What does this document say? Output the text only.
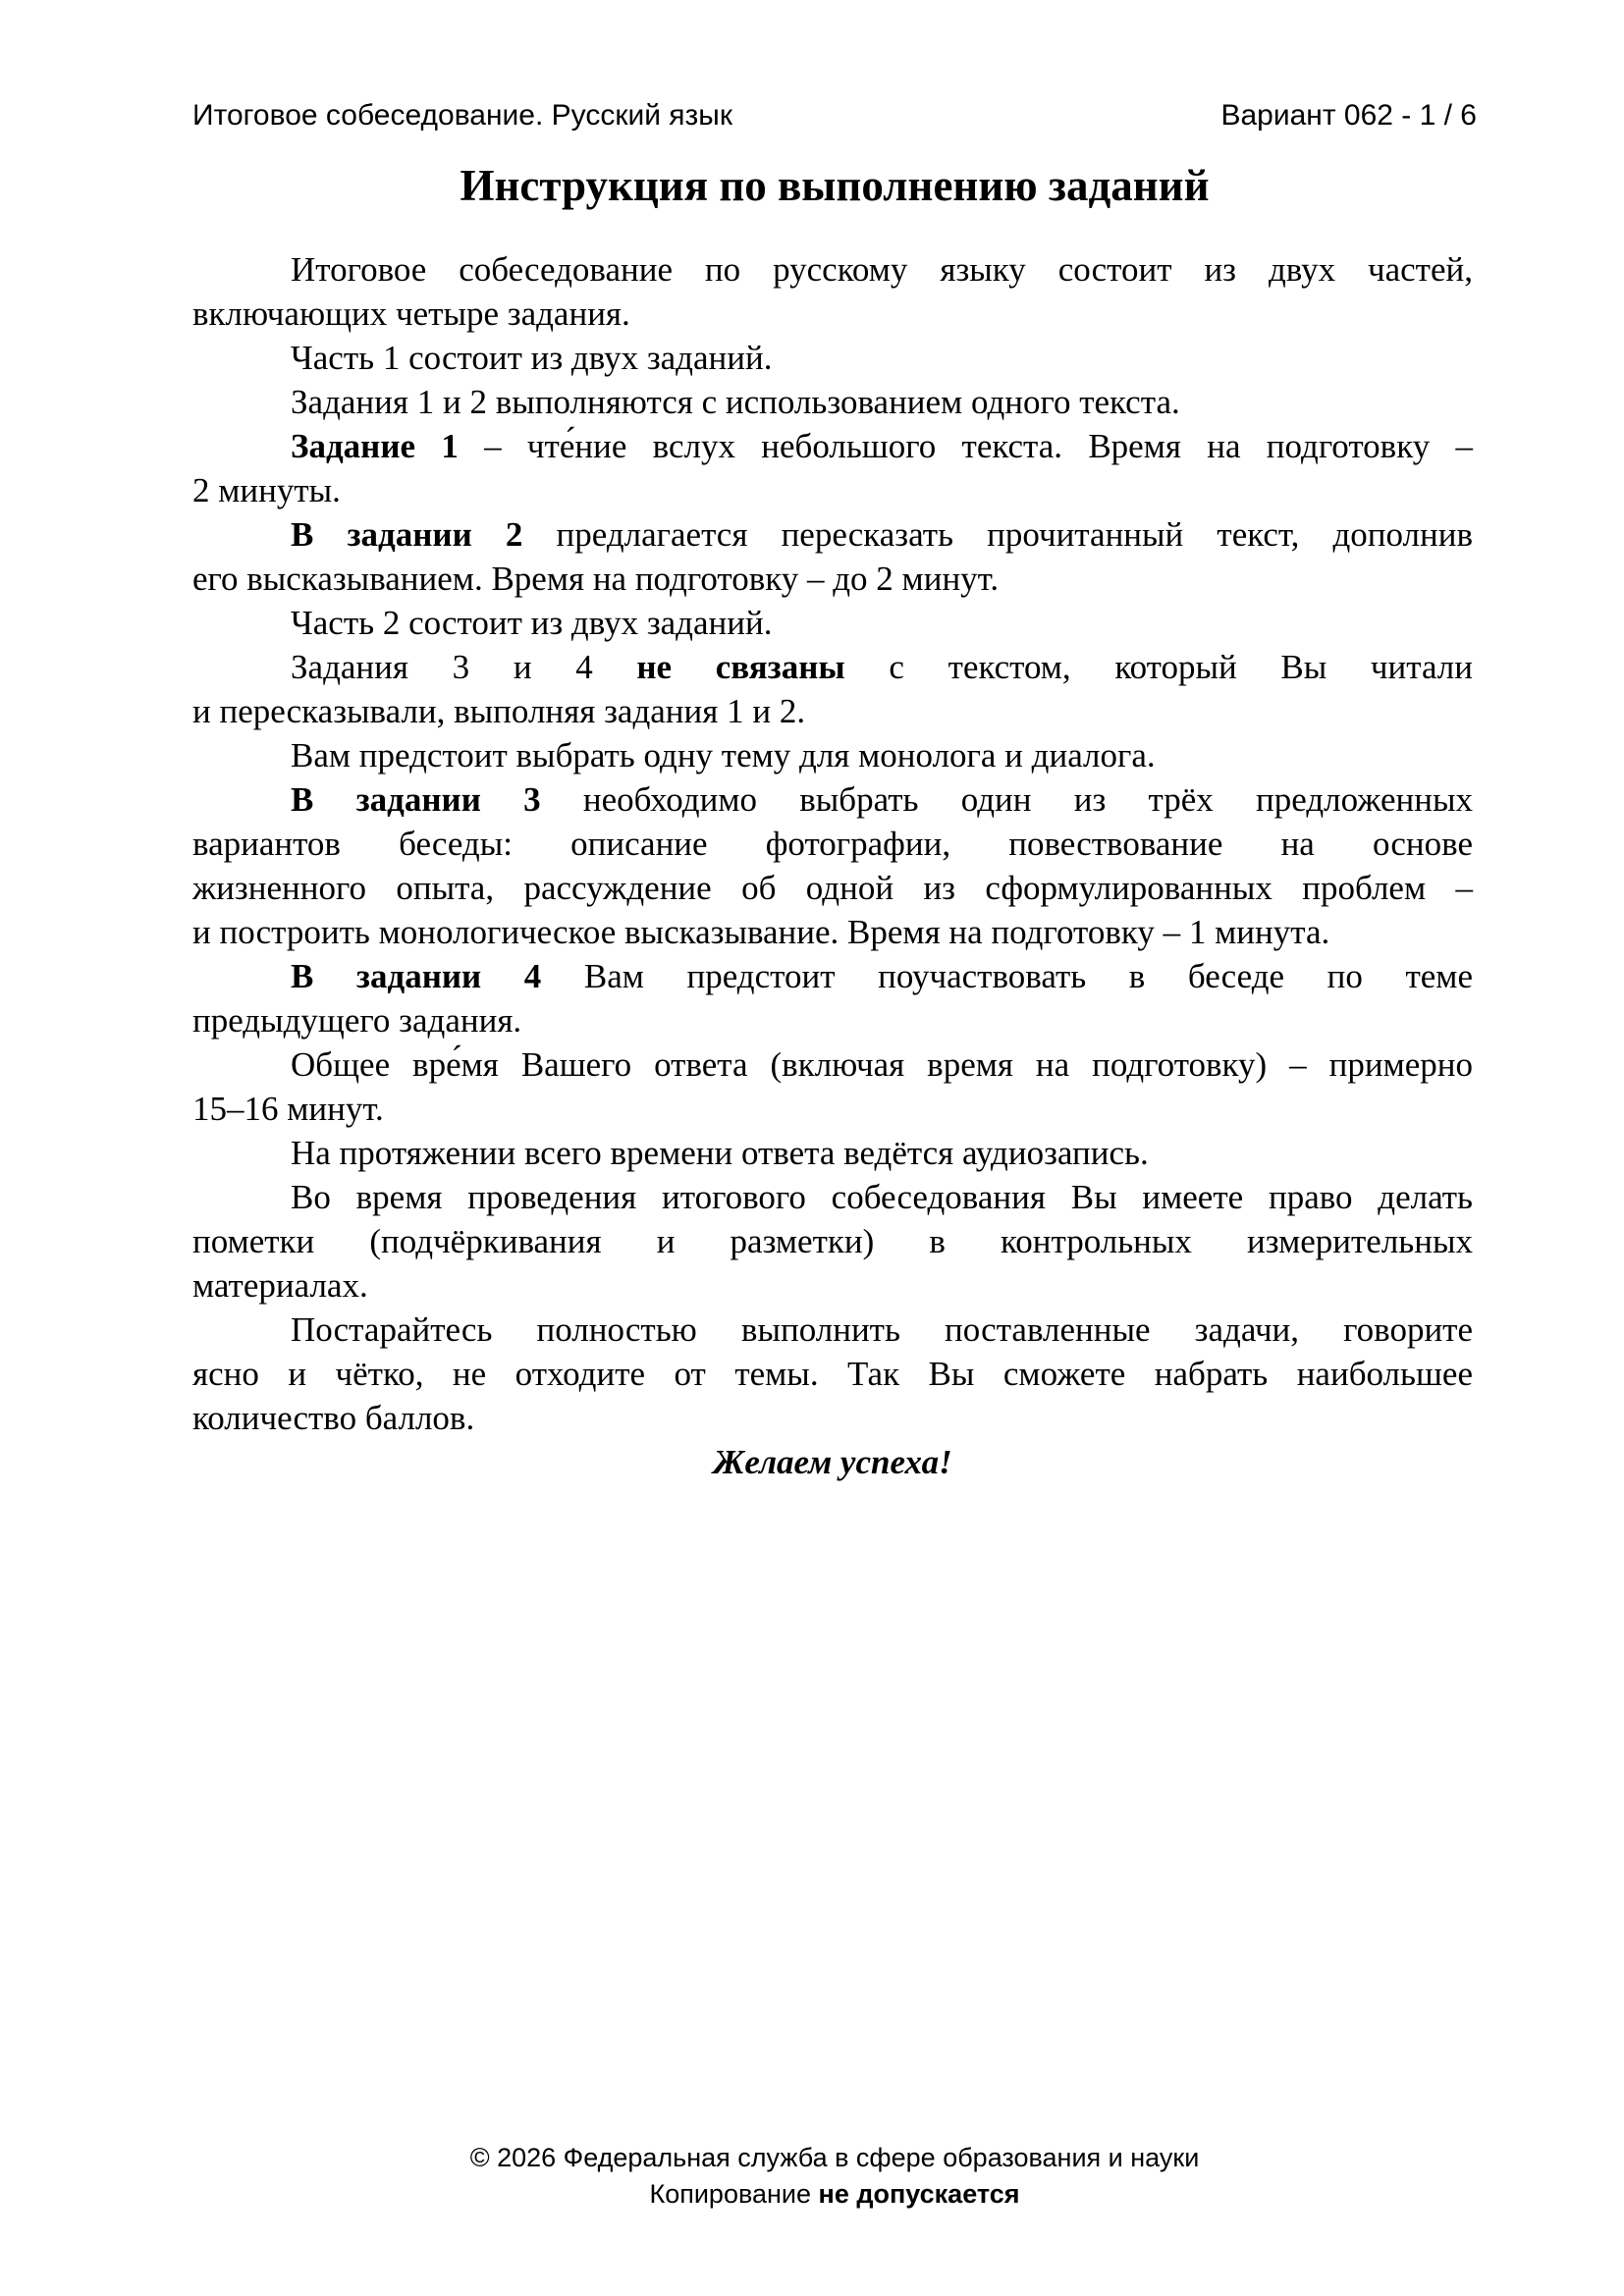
Итоговое собеседование. Русский язык	Вариант 062 - 1 / 6
Инструкция по выполнению заданий
Итоговое собеседование по русскому языку состоит из двух частей,
включающих четыре задания.
Часть 1 состоит из двух заданий.
Задания 1 и 2 выполняются с использованием одного текста.
Задание 1 – чте́ние вслух небольшого текста. Время на подготовку –
2 минуты.
В задании 2 предлагается пересказать прочитанный текст, дополнив
его высказыванием. Время на подготовку – до 2 минут.
Часть 2 состоит из двух заданий.
Задания 3 и 4 не связаны с текстом, который Вы читали
и пересказывали, выполняя задания 1 и 2.
Вам предстоит выбрать одну тему для монолога и диалога.
В задании 3 необходимо выбрать один из трёх предложенных
вариантов беседы: описание фотографии, повествование на основе
жизненного опыта, рассуждение об одной из сформулированных проблем –
и построить монологическое высказывание. Время на подготовку – 1 минута.
В задании 4 Вам предстоит поучаствовать в беседе по теме
предыдущего задания.
Общее вре́мя Вашего ответа (включая время на подготовку) – примерно
15–16 минут.
На протяжении всего времени ответа ведётся аудиозапись.
Во время проведения итогового собеседования Вы имеете право делать
пометки (подчёркивания и разметки) в контрольных измерительных
материалах.
Постарайтесь полностью выполнить поставленные задачи, говорите
ясно и чётко, не отходите от темы. Так Вы сможете набрать наибольшее
количество баллов.
Желаем успеха!
© 2026 Федеральная служба в сфере образования и науки
Копирование не допускается
